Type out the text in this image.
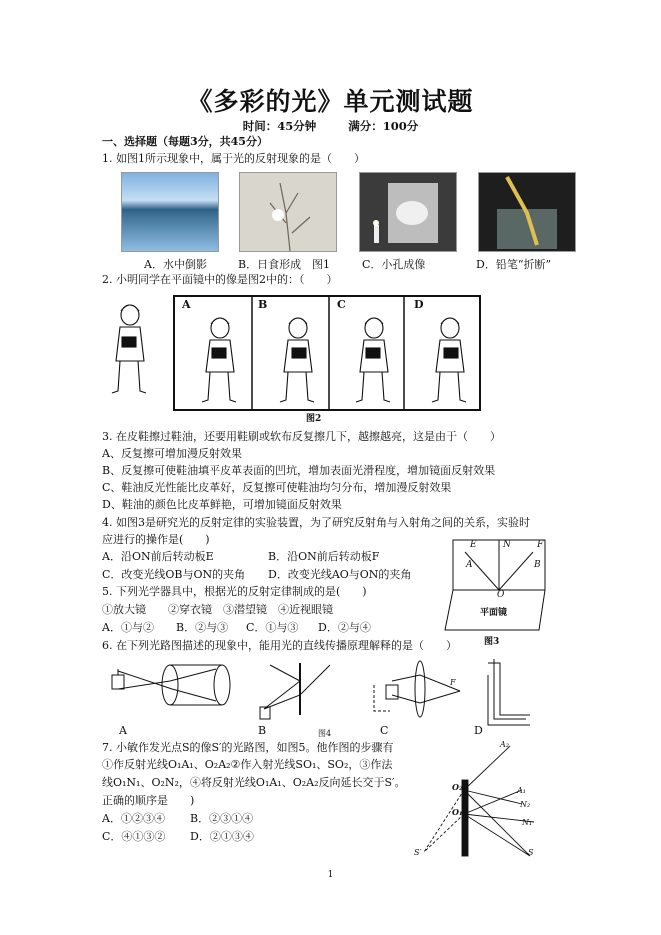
《多彩的光》单元测试题
时间：45分钟	满分：100分
一、选择题（每题3分，共45分）
1. 如图1所示现象中，属于光的反射现象的是（　　）
A．水中倒影	B．日食形成 图1	C．小孔成像	D．铅笔“折断”
2. 小明同学在平面镜中的像是图2中的：（　　）
A	B	C	D
图2
3. 在皮鞋擦过鞋油，还要用鞋刷或软布反复擦几下，越擦越亮，这是由于（　　）
A、反复擦可增加漫反射效果
B、反复擦可使鞋油填平皮革表面的凹坑，增加表面光滑程度，增加镜面反射效果
C、鞋油反光性能比皮革好，反复擦可使鞋油均匀分布，增加漫反射效果
D、鞋油的颜色比皮革鲜艳，可增加镜面反射效果
4. 如图3是研究光的反射定律的实验装置，为了研究反射角与入射角之间的关系，实验时
应进行的操作是(　　)
A．沿ON前后转动板E	B．沿ON前后转动板F
C．改变光线OB与ON的夹角 D．改变光线AO与ON的夹角
E	N	F
A	B
O
平面镜
图3
5. 下列光学器具中，根据光的反射定律制成的是(　　)
①放大镜　　②穿衣镜　③潜望镜　④近视眼镜
A．①与② B．②与③ C．①与③ D．②与④
6. 在下列光路图描述的现象中，能用光的直线传播原理解释的是（　　）
A	B	图4	C	D
F
7. 小敏作发光点S的像S′的光路图，如图5。他作图的步骤有
①作反射光线O₁A₁、O₂A₂②作入射光线SO₁、SO₂，③作法
线O₁N₁、O₂N₂，④将反射光线O₁A₁、O₂A₂反向延长交于S′。
正确的顺序是　　)
A．①②③④ B．②③①④
C．④①③② D．②①③④
A₂
A₁
N₂
N₁
O₂
O₁
S′	S
1
